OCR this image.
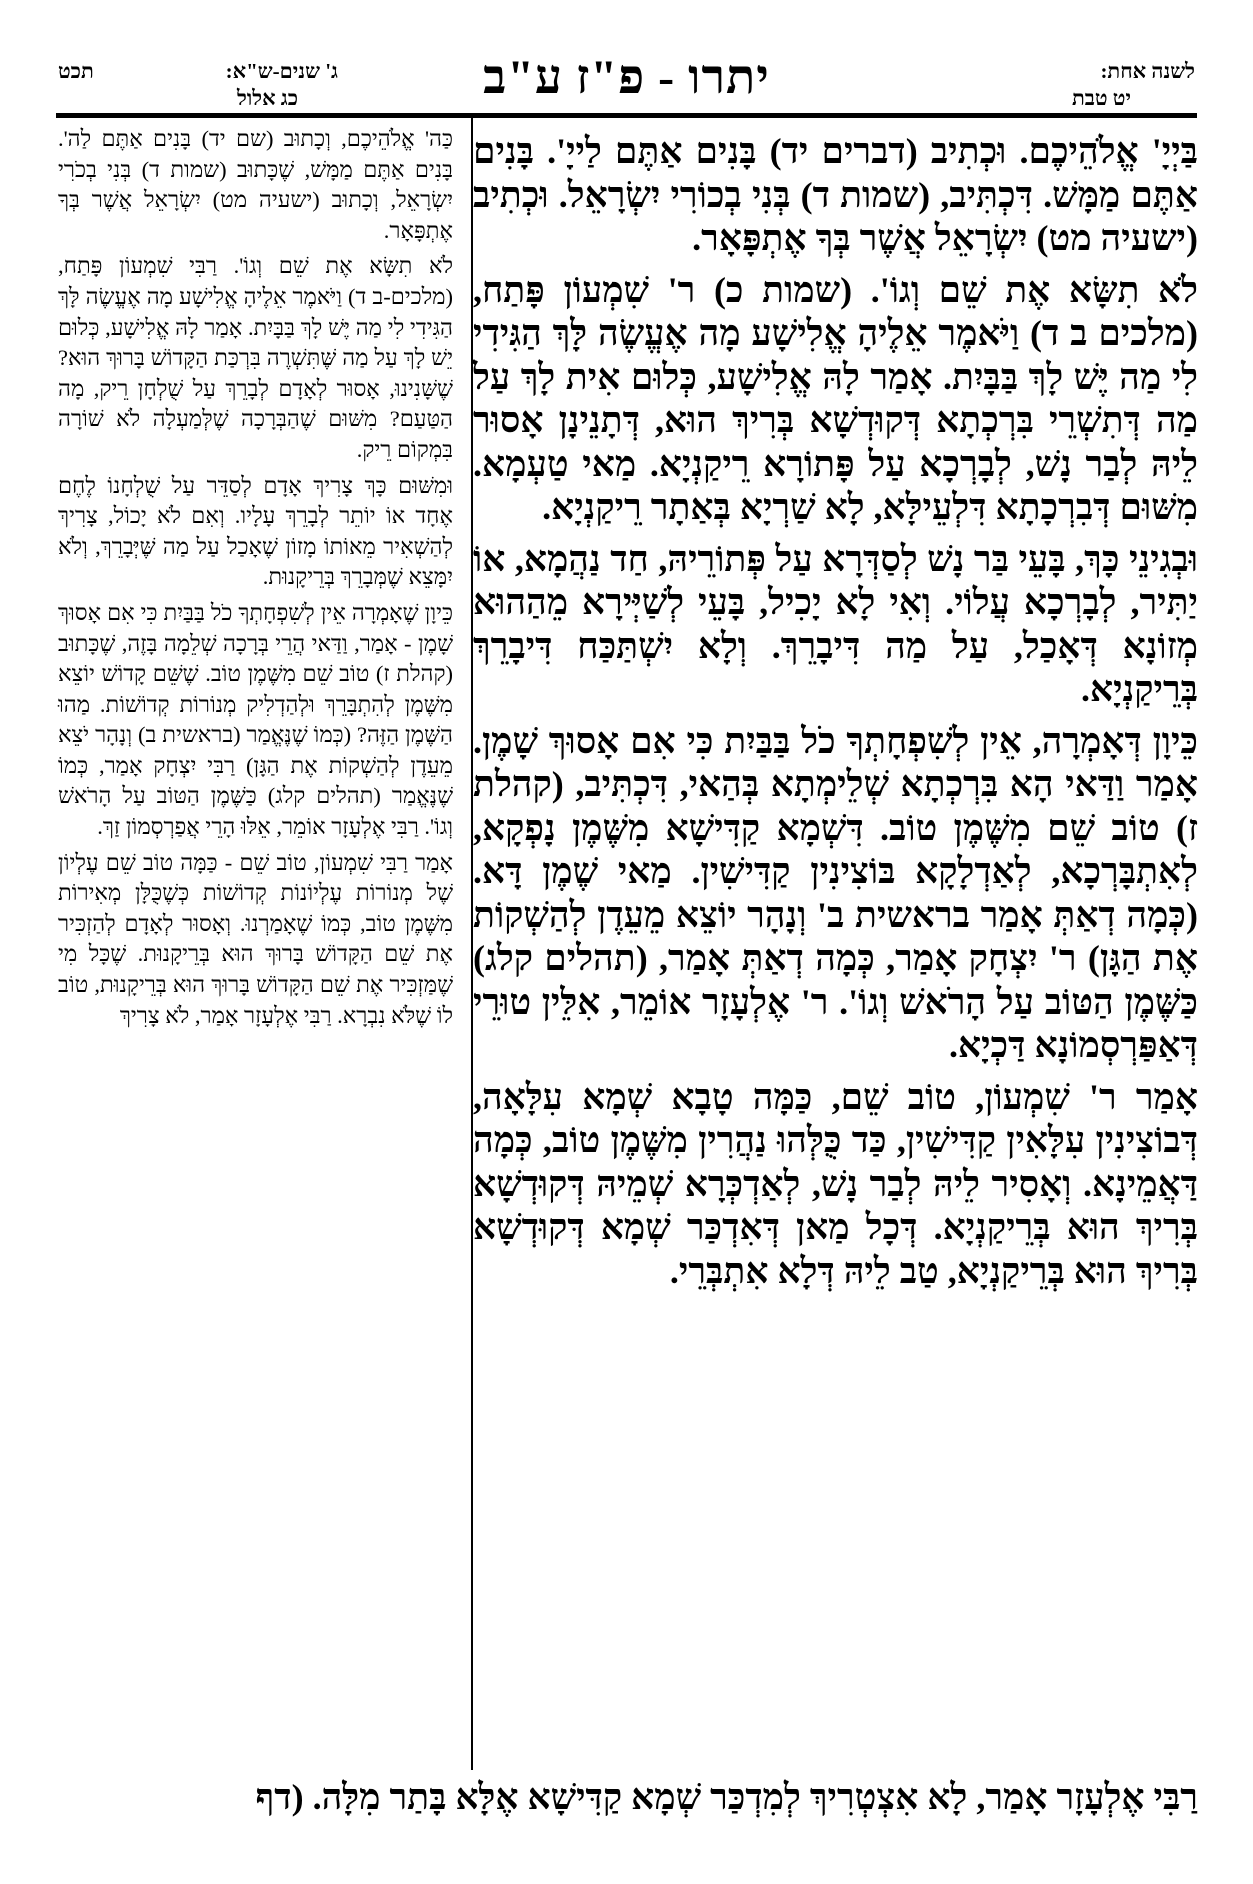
לשנה אחת:
יט טבת
יתרו - פ"ז ע"ב
ג' שנים-ש"א:
תכט
כג אלול

בַּיְיָ' אֱלֹהֵיכֶם. וּכְתִיב (דברים יד) בָּנִים אַתֶּם לַייָ'. בָּנִים אַתֶּם מַמָּשׁ. דִּכְתִּיב, (שמות ד) בְּנִי בְכוֹרִי יִשְׂרָאֵל. וּכְתִיב (ישעיה מט) יִשְׂרָאֵל אֲשֶׁר בְּךָ אֶתְפָּאָר.

לֹא תִשָּׂא אֶת שֵׁם וְגוֹ'. (שמות כ) ר' שִׁמְעוֹן פָּתַח, (מלכים ב ד) וַיֹּאמֶר אֵלֶיהָ אֱלִישָׁע מָה אֶעֱשֶׂה לָּךְ הַגִּידִי לִי מַה יֶּשׁ לָךְ בַּבָּיִת. אָמַר לָהּ אֱלִישָׁע, כְּלוּם אִית לָךְ עַל מַה דְּתִשְׁרֵי בִּרְכְתָא דְּקוּדְשָׁא בְּרִיךְ הוּא, דְּתָנֵינָן אָסוּר לֵיהּ לְבַר נָשׁ, לְבָרְכָא עַל פָּתוֹרָא רֵיקַנְיָא. מַאי טַעְמָא. מִשּׁוּם דְּבִרְכָתָא דִּלְעֵילָּא, לָא שַׁרְיָא בְּאַתָר רֵיקַנְיָא.

וּבְגִינֵי כָּךְ, בָּעֵי בַּר נָשׁ לְסַדְּרָא עַל פְּתוֹרֵיהּ, חַד נַהֲמָא, אוֹ יַתִּיר, לְבָרְכָא עֲלוֹי. וְאִי לָא יָכִיל, בָּעֵי לְשַׁיְּירָא מֵהַהוּא מְזוֹנָא דְּאָכַל, עַל מַה דִּיבָרֵךְ. וְלָא יִשְׁתַּכַּח דִּיבָרֵךְ בְּרֵיקַנְיָא.

כֵּיוָן דְּאָמְרָה, אֵין לְשִׁפְחָתְךָ כֹל בַּבַּיִת כִּי אִם אָסוּךְ שָׁמֶן. אָמַר וַדַּאי הָא בִּרְכְתָא שְׁלֵימְתָא בְּהַאי, דִּכְתִּיב, (קהלת ז) טוֹב שֵׁם מִשֶּׁמֶן טוֹב. דִּשְׁמָא קַדִּישָׁא מִשֶּׁמֶן נָפְקָא, לְאִתְבָּרְכָא, לְאַדְלָקָא בּוֹצִינִין קַדִּישִׁין. מַאי שֶׁמֶן דָּא. (כְּמָה דְאַתְּ אָמַר בראשית ב' וְנָהָר יוֹצֵא מֵעֵדֶן לְהַשְׁקוֹת אֶת הַגָּן) ר' יִצְחָק אָמַר, כְּמָה דְאַתְּ אָמַר, (תהלים קלג) כַּשֶּׁמֶן הַטּוֹב עַל הָרֹאשׁ וְגוֹ'. ר' אֶלְעָזָר אוֹמֵר, אִלֵּין טוּרֵי דְּאַפַּרְסְמוֹנָא דַּכְיָא.

אָמַר ר' שִׁמְעוֹן, טוֹב שֵׁם, כַּמָּה טָבָא שְׁמָא עִלָּאָה, דְּבוֹצִינִין עִלָּאִין קַדִּישִׁין, כַּד כֻּלְּהוּ נַהֲרִין מִשֶּׁמֶן טוֹב, כְּמָה דַּאֲמֵינָא. וְאָסִיר לֵיהּ לְבַר נָשׁ, לְאַדְכְּרָא שְׁמֵיהּ דְּקוּדְשָׁא בְּרִיךְ הוּא בְּרֵיקַנְיָא. דְּכָל מַאן דְּאִדְכַּר שְׁמָא דְּקוּדְשָׁא בְּרִיךְ הוּא בְּרֵיקַנְיָא, טַב לֵיהּ דְּלָא אִתְבְּרֵי.

כַּה' אֱלֹהֵיכֶם, וְכָתוּב (שם יד) בָּנִים אַתֶּם לַה'. בָּנִים אַתֶּם מַמָּשׁ, שֶׁכָּתוּב (שמות ד) בְּנִי בְכֹרִי יִשְׂרָאֵל, וְכָתוּב (ישעיה מט) יִשְׂרָאֵל אֲשֶׁר בְּךָ אֶתְפָּאָר.

לֹא תִשָּׂא אֶת שֵׁם וְגוֹ'. רַבִּי שִׁמְעוֹן פָּתַח, (מלכים-ב ד) וַיֹּאמֶר אֵלֶיהָ אֱלִישָׁע מָה אֶעֱשֶׂה לָּךְ הַגִּידִי לִי מַה יֶּשׁ לָךְ בַּבָּיִת. אָמַר לָהּ אֱלִישָׁע, כְּלוּם יֵשׁ לָךְ עַל מַה שֶּׁתִּשְׁרֶה בִּרְכַּת הַקָּדוֹשׁ בָּרוּךְ הוּא? שֶׁשָּׁנִינוּ, אָסוּר לְאָדָם לְבָרֵךְ עַל שֻׁלְחָן רֵיק, מָה הַטַּעַם? מִשּׁוּם שֶׁהַבְּרָכָה שֶׁלְּמַעְלָה לֹא שׁוֹרָה בִּמְקוֹם רֵיק.

וּמִשּׁוּם כָּךְ צָרִיךְ אָדָם לְסַדֵּר עַל שֻׁלְחָנוֹ לֶחֶם אֶחָד אוֹ יוֹתֵר לְבָרֵךְ עָלָיו. וְאִם לֹא יָכוֹל, צָרִיךְ לְהַשְׁאִיר מֵאוֹתוֹ מָזוֹן שֶׁאָכַל עַל מַה שֶּׁיְּבָרֵךְ, וְלֹא יִמָּצֵא שֶׁמְּבָרֵךְ בְּרֵיקָנוּת.

כֵּיוָן שֶׁאָמְרָה אֵין לְשִׁפְחָתְךָ כֹל בַּבַּיִת כִּי אִם אָסוּךְ שָׁמֶן - אָמַר, וַדַּאי הֲרֵי בְּרָכָה שְׁלֵמָה בָּזֶה, שֶׁכָּתוּב (קהלת ז) טוֹב שֵׁם מִשֶּׁמֶן טוֹב. שֶׁשֵּׁם קָדוֹשׁ יוֹצֵא מִשֶּׁמֶן לְהִתְבָּרֵךְ וּלְהַדְלִיק מְנוֹרוֹת קְדוֹשׁוֹת. מַהוּ הַשֶּׁמֶן הַזֶּה? (כְּמוֹ שֶׁנֶּאֱמַר (בראשית ב) וְנָהָר יֹצֵא מֵעֵדֶן לְהַשְׁקוֹת אֶת הַגָּן) רַבִּי יִצְחָק אָמַר, כְּמוֹ שֶׁנֶּאֱמַר (תהלים קלג) כַּשֶּׁמֶן הַטּוֹב עַל הָרֹאשׁ וְגוֹ'. רַבִּי אֶלְעָזָר אוֹמֵר, אֵלּוּ הָרֵי אֲפַרְסְמוֹן זַךְ.

אָמַר רַבִּי שִׁמְעוֹן, טוֹב שֵׁם - כַּמָּה טוֹב שֵׁם עֶלְיוֹן שֶׁל מְנוֹרוֹת עֶלְיוֹנוֹת קְדוֹשׁוֹת כְּשֶׁכֻּלָּן מְאִירוֹת מִשֶּׁמֶן טוֹב, כְּמוֹ שֶׁאָמַרְנוּ. וְאָסוּר לְאָדָם לְהַזְכִּיר אֶת שֵׁם הַקָּדוֹשׁ בָּרוּךְ הוּא בְּרֵיקָנוּת. שֶׁכָּל מִי שֶׁמַּזְכִּיר אֶת שֵׁם הַקָּדוֹשׁ בָּרוּךְ הוּא בְּרֵיקָנוּת, טוֹב לוֹ שֶׁלֹּא נִבְרָא. רַבִּי אֶלְעָזָר אָמַר, לֹא צָרִיךְ

רַבִּי אֶלְעָזָר אָמַר, לָא אִצְטְרִיךְ לְמִדְכַּר שְׁמָא קַדִּישָׁא אֶלָּא בָּתַר מִלָּה. (דף
